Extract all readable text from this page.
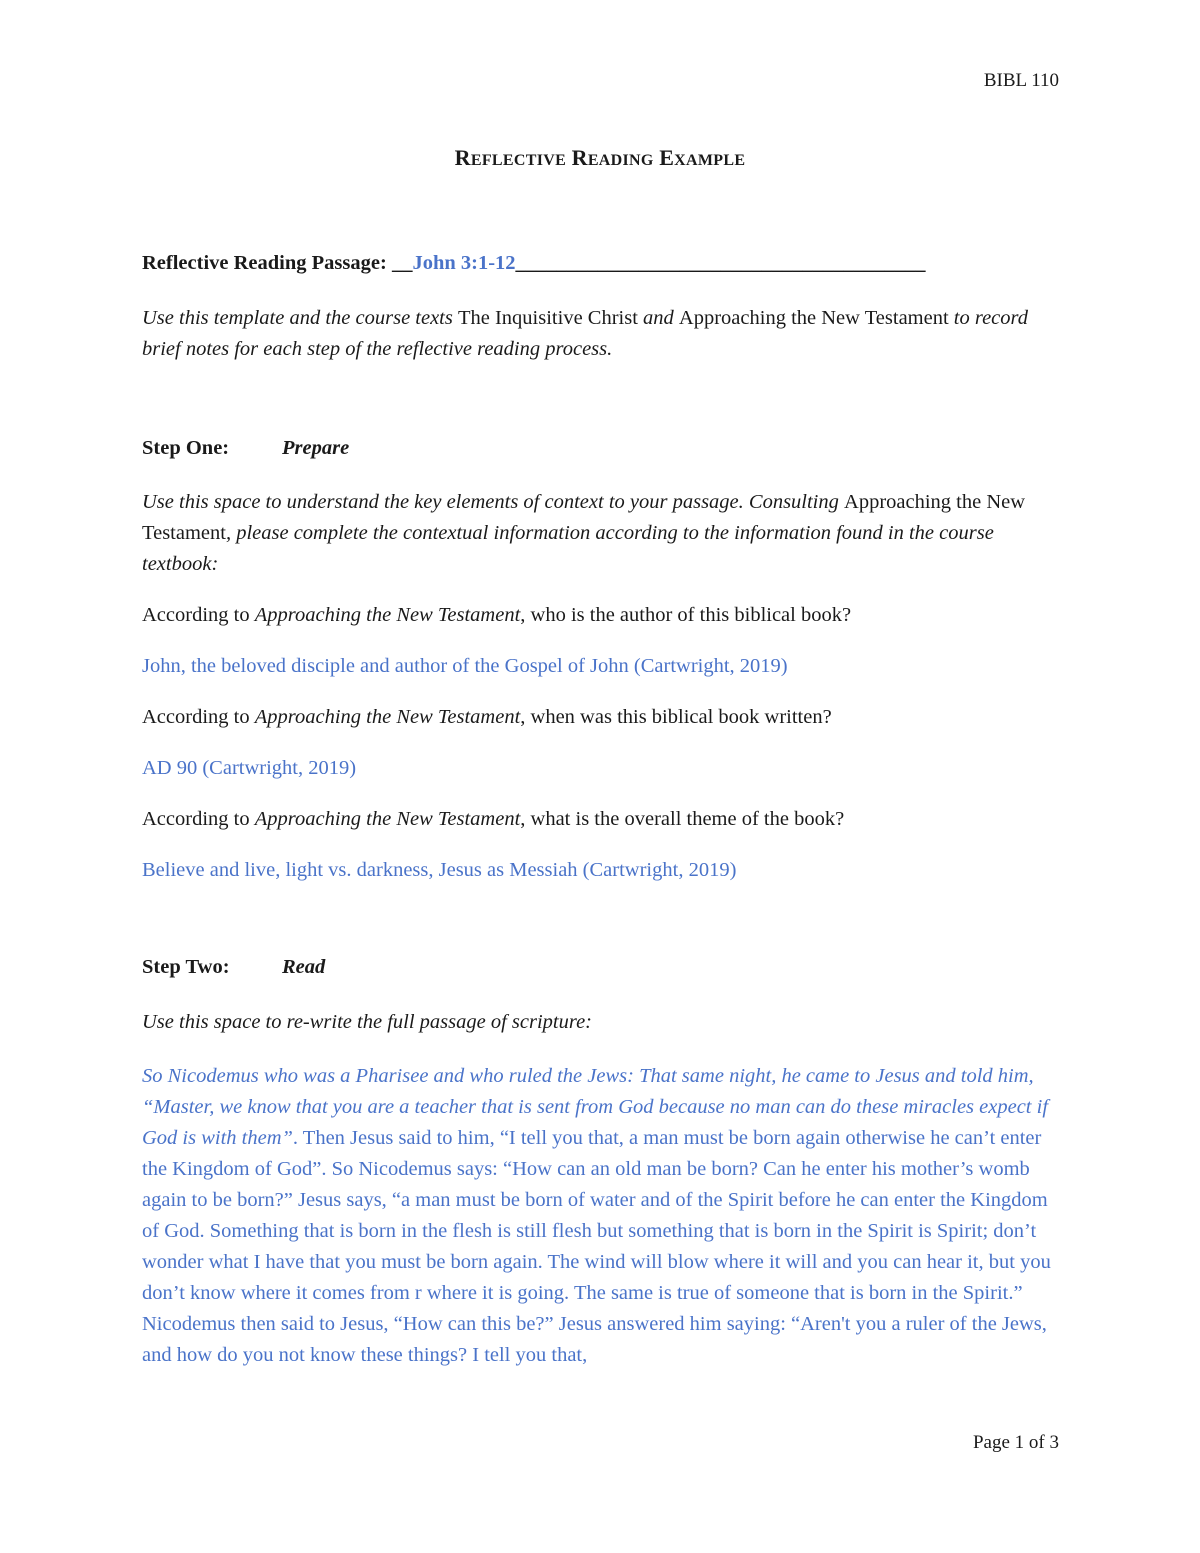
BIBL 110
REFLECTIVE READING EXAMPLE
Reflective Reading Passage: __John 3:1-12________________________________________
Use this template and the course texts The Inquisitive Christ and Approaching the New Testament to record brief notes for each step of the reflective reading process.
Step One:	Prepare
Use this space to understand the key elements of context to your passage. Consulting Approaching the New Testament, please complete the contextual information according to the information found in the course textbook:
According to Approaching the New Testament, who is the author of this biblical book?
John, the beloved disciple and author of the Gospel of John (Cartwright, 2019)
According to Approaching the New Testament, when was this biblical book written?
AD 90 (Cartwright, 2019)
According to Approaching the New Testament, what is the overall theme of the book?
Believe and live, light vs. darkness, Jesus as Messiah (Cartwright, 2019)
Step Two:	Read
Use this space to re-write the full passage of scripture:
So Nicodemus who was a Pharisee and who ruled the Jews: That same night, he came to Jesus and told him, “Master, we know that you are a teacher that is sent from God because no man can do these miracles expect if God is with them”. Then Jesus said to him, “I tell you that, a man must be born again otherwise he can’t enter the Kingdom of God”. So Nicodemus says: “How can an old man be born? Can he enter his mother’s womb again to be born?” Jesus says, “a man must be born of water and of the Spirit before he can enter the Kingdom of God. Something that is born in the flesh is still flesh but something that is born in the Spirit is Spirit; don’t wonder what I have that you must be born again. The wind will blow where it will and you can hear it, but you don’t know where it comes from r where it is going. The same is true of someone that is born in the Spirit.” Nicodemus then said to Jesus, “How can this be?” Jesus answered him saying: “Aren't you a ruler of the Jews, and how do you not know these things? I tell you that,
Page 1 of 3
